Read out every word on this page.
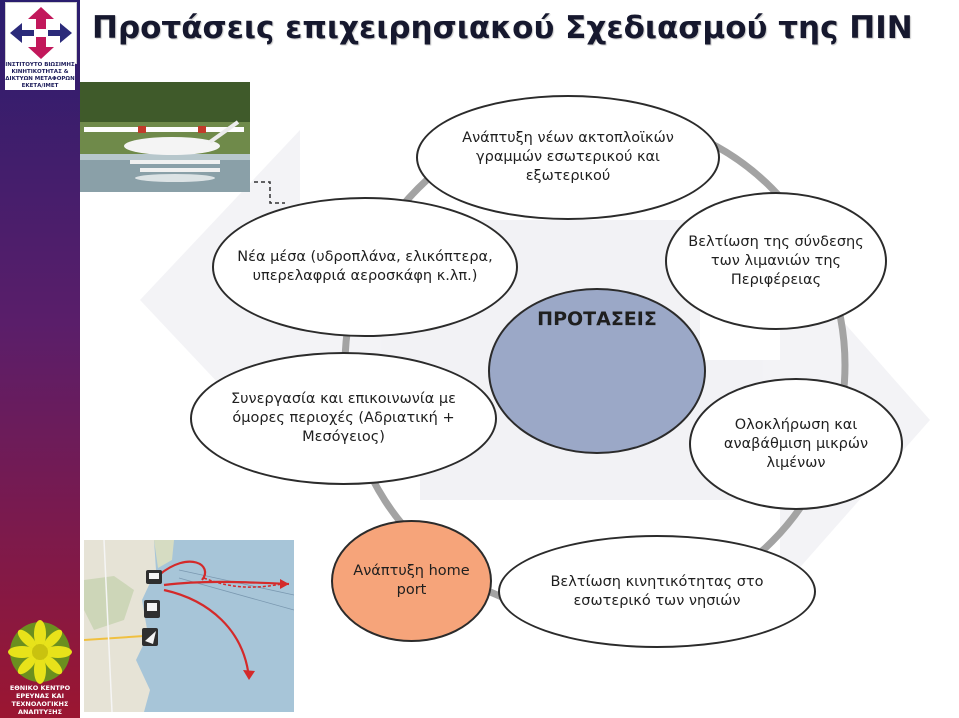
ΙΝΣΤΙΤΟΥΤΟ ΒΙΩΣΙΜΗΣ ΚΙΝΗΤΙΚΟΤΗΤΑΣ & ΔΙΚΤΥΩΝ ΜΕΤΑΦΟΡΩΝ ΕΚΕΤΑ/ΙΜΕΤ
ΕΘΝΙΚΟ ΚΕΝΤΡΟ ΕΡΕΥΝΑΣ ΚΑΙ ΤΕΧΝΟΛΟΓΙΚΗΣ ΑΝΑΠΤΥΞΗΣ
Προτάσεις επιχειρησιακού Σχεδιασμού της ΠΙΝ
ΠΡΟΤΑΣΕΙΣ
Ανάπτυξη νέων ακτοπλοϊκών γραμμών εσωτερικού και εξωτερικού
Βελτίωση της σύνδεσης των λιμανιών της Περιφέρειας
Ολοκλήρωση και αναβάθμιση μικρών λιμένων
Βελτίωση κινητικότητας στο εσωτερικό των νησιών
Ανάπτυξη home port
Συνεργασία και επικοινωνία με όμορες περιοχές (Αδριατική + Μεσόγειος)
Νέα μέσα (υδροπλάνα, ελικόπτερα, υπερελαφριά αεροσκάφη κ.λπ.)
